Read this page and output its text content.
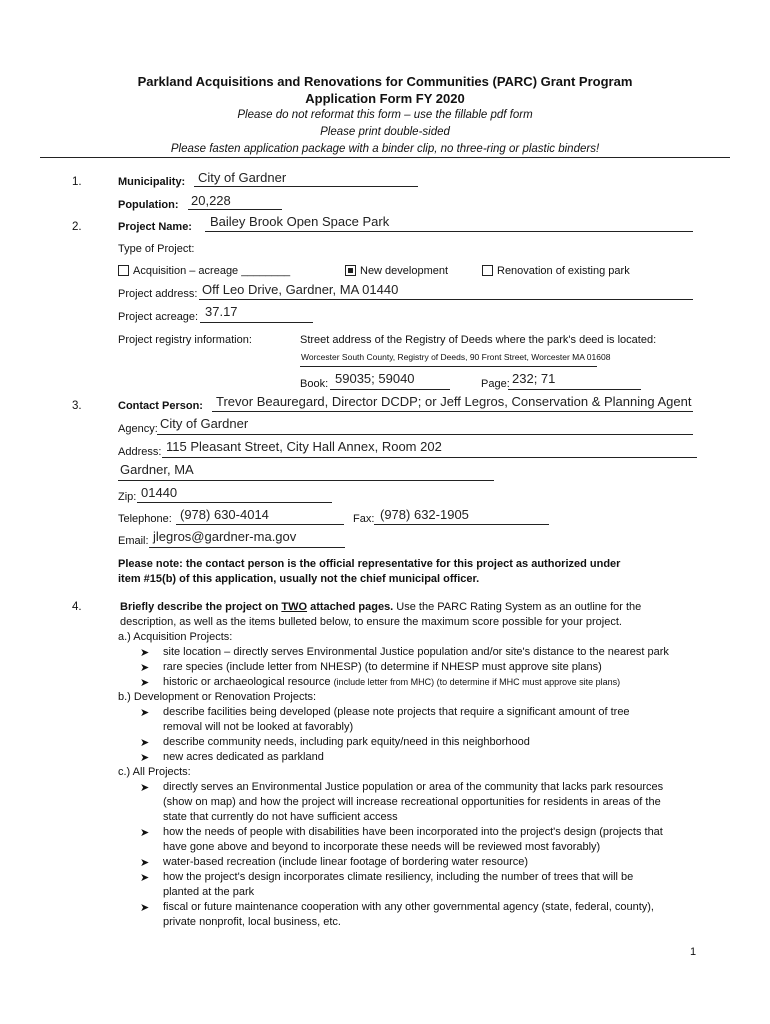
Parkland Acquisitions and Renovations for Communities (PARC) Grant Program
Application Form FY 2020
Please do not reformat this form – use the fillable pdf form
Please print double-sided
Please fasten application package with a binder clip, no three-ring or plastic binders!
1.	Municipality: City of Gardner
Population: 20,228
2.	Project Name: Bailey Brook Open Space Park
Type of Project:
Acquisition – acreage ________	New development	Renovation of existing park
Project address: Off Leo Drive, Gardner, MA 01440
Project acreage: 37.17
Project registry information:	Street address of the Registry of Deeds where the park's deed is located:
Worcester South County, Registry of Deeds, 90 Front Street, Worcester MA 01608
Book: 59035; 59040	Page: 232; 71
3.	Contact Person: Trevor Beauregard, Director DCDP; or Jeff Legros, Conservation & Planning Agent
Agency: City of Gardner
Address: 115 Pleasant Street, City Hall Annex, Room 202
Gardner, MA
Zip: 01440
Telephone: (978) 630-4014	Fax: (978) 632-1905
Email: jlegros@gardner-ma.gov
Please note: the contact person is the official representative for this project as authorized under
item #15(b) of this application, usually not the chief municipal officer.
4.	Briefly describe the project on TWO attached pages. Use the PARC Rating System as an outline for the
description, as well as the items bulleted below, to ensure the maximum score possible for your project.
a.) Acquisition Projects:
➤ site location – directly serves Environmental Justice population and/or site's distance to the nearest park
➤ rare species (include letter from NHESP) (to determine if NHESP must approve site plans)
➤ historic or archaeological resource (include letter from MHC) (to determine if MHC must approve site plans)
b.) Development or Renovation Projects:
➤ describe facilities being developed (please note projects that require a significant amount of tree
removal will not be looked at favorably)
➤ describe community needs, including park equity/need in this neighborhood
➤ new acres dedicated as parkland
c.) All Projects:
➤ directly serves an Environmental Justice population or area of the community that lacks park resources
(show on map) and how the project will increase recreational opportunities for residents in areas of the
state that currently do not have sufficient access
➤ how the needs of people with disabilities have been incorporated into the project's design (projects that
have gone above and beyond to incorporate these needs will be reviewed most favorably)
➤ water-based recreation (include linear footage of bordering water resource)
➤ how the project's design incorporates climate resiliency, including the number of trees that will be
planted at the park
➤ fiscal or future maintenance cooperation with any other governmental agency (state, federal, county),
private nonprofit, local business, etc.
1
